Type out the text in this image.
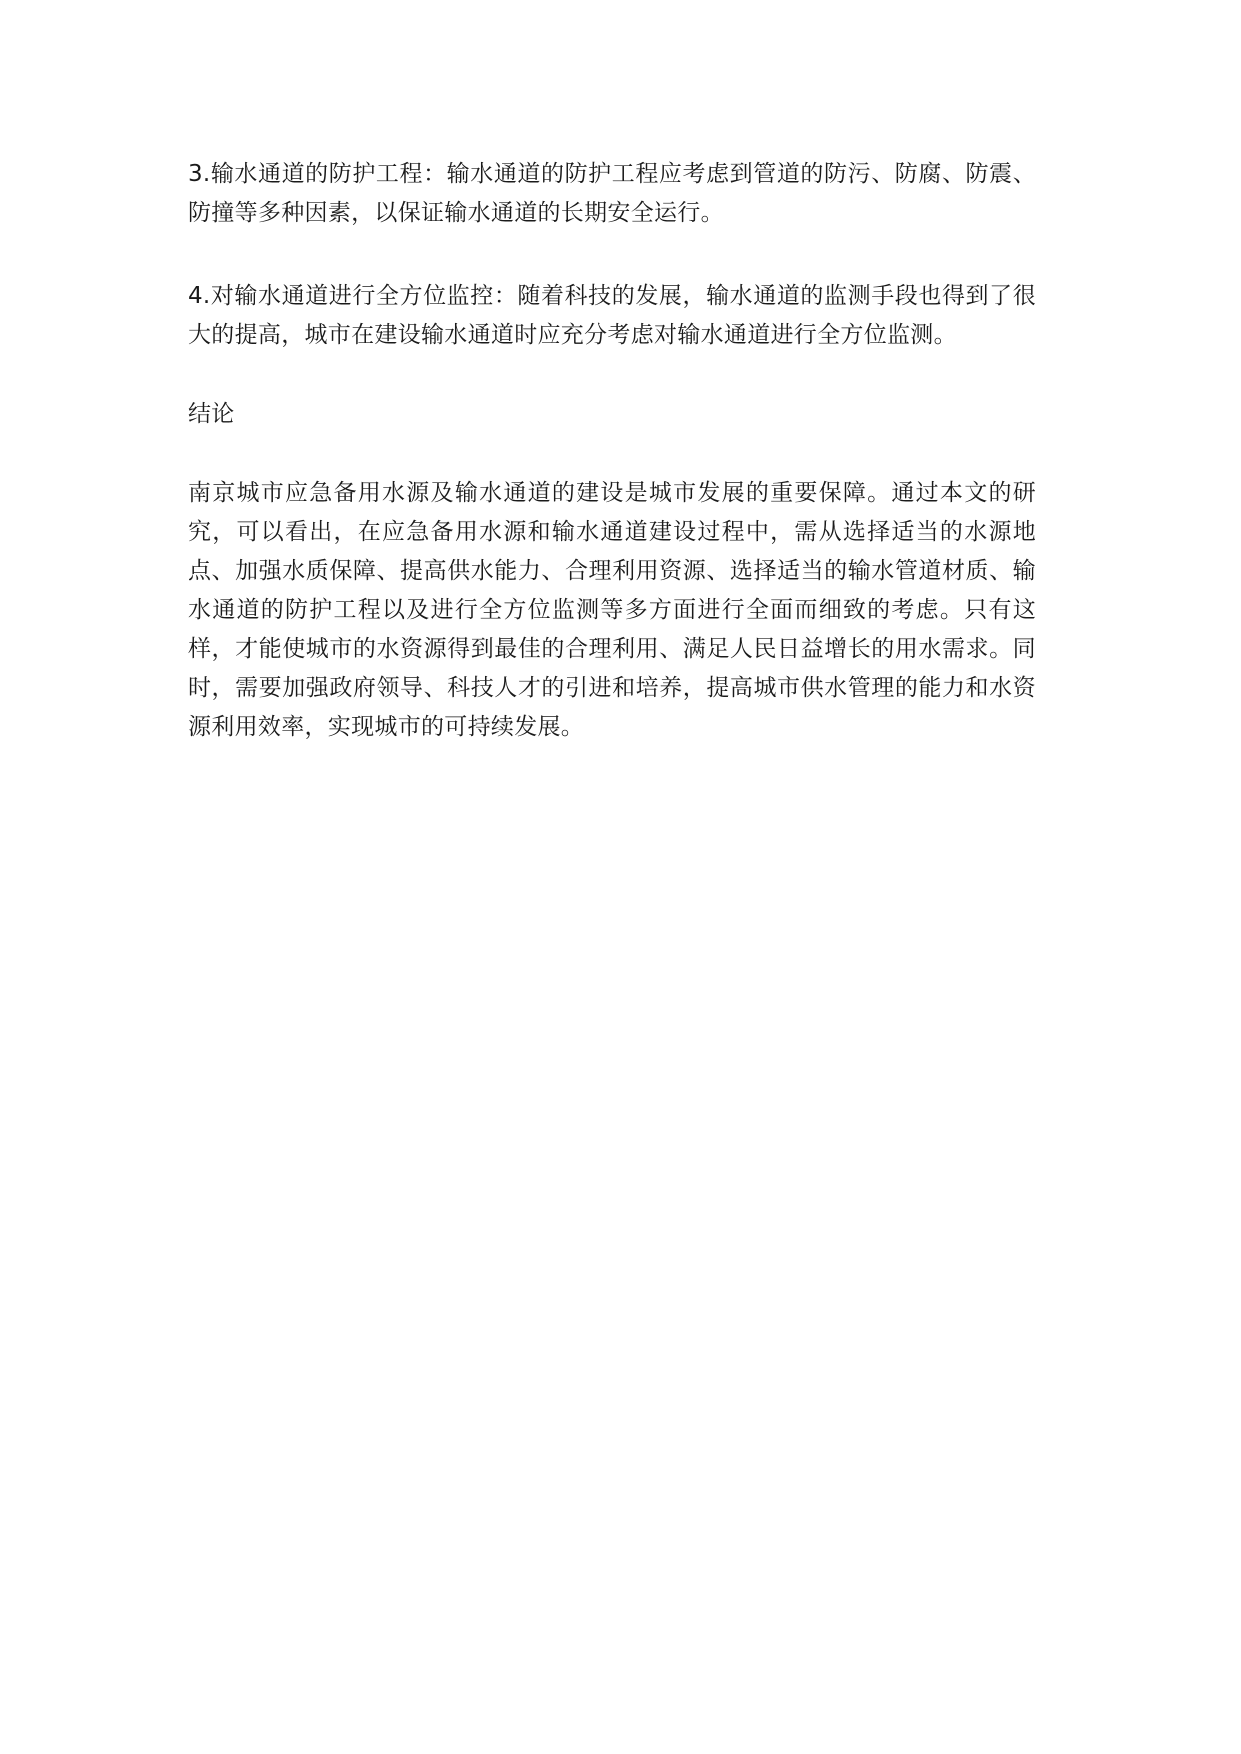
3.输水通道的防护工程：输水通道的防护工程应考虑到管道的防污、防腐、防震、防撞等多种因素，以保证输水通道的长期安全运行。

4.对输水通道进行全方位监控：随着科技的发展，输水通道的监测手段也得到了很大的提高，城市在建设输水通道时应充分考虑对输水通道进行全方位监测。

结论

南京城市应急备用水源及输水通道的建设是城市发展的重要保障。通过本文的研究，可以看出，在应急备用水源和输水通道建设过程中，需从选择适当的水源地点、加强水质保障、提高供水能力、合理利用资源、选择适当的输水管道材质、输水通道的防护工程以及进行全方位监测等多方面进行全面而细致的考虑。只有这样，才能使城市的水资源得到最佳的合理利用、满足人民日益增长的用水需求。同时，需要加强政府领导、科技人才的引进和培养，提高城市供水管理的能力和水资源利用效率，实现城市的可持续发展。
